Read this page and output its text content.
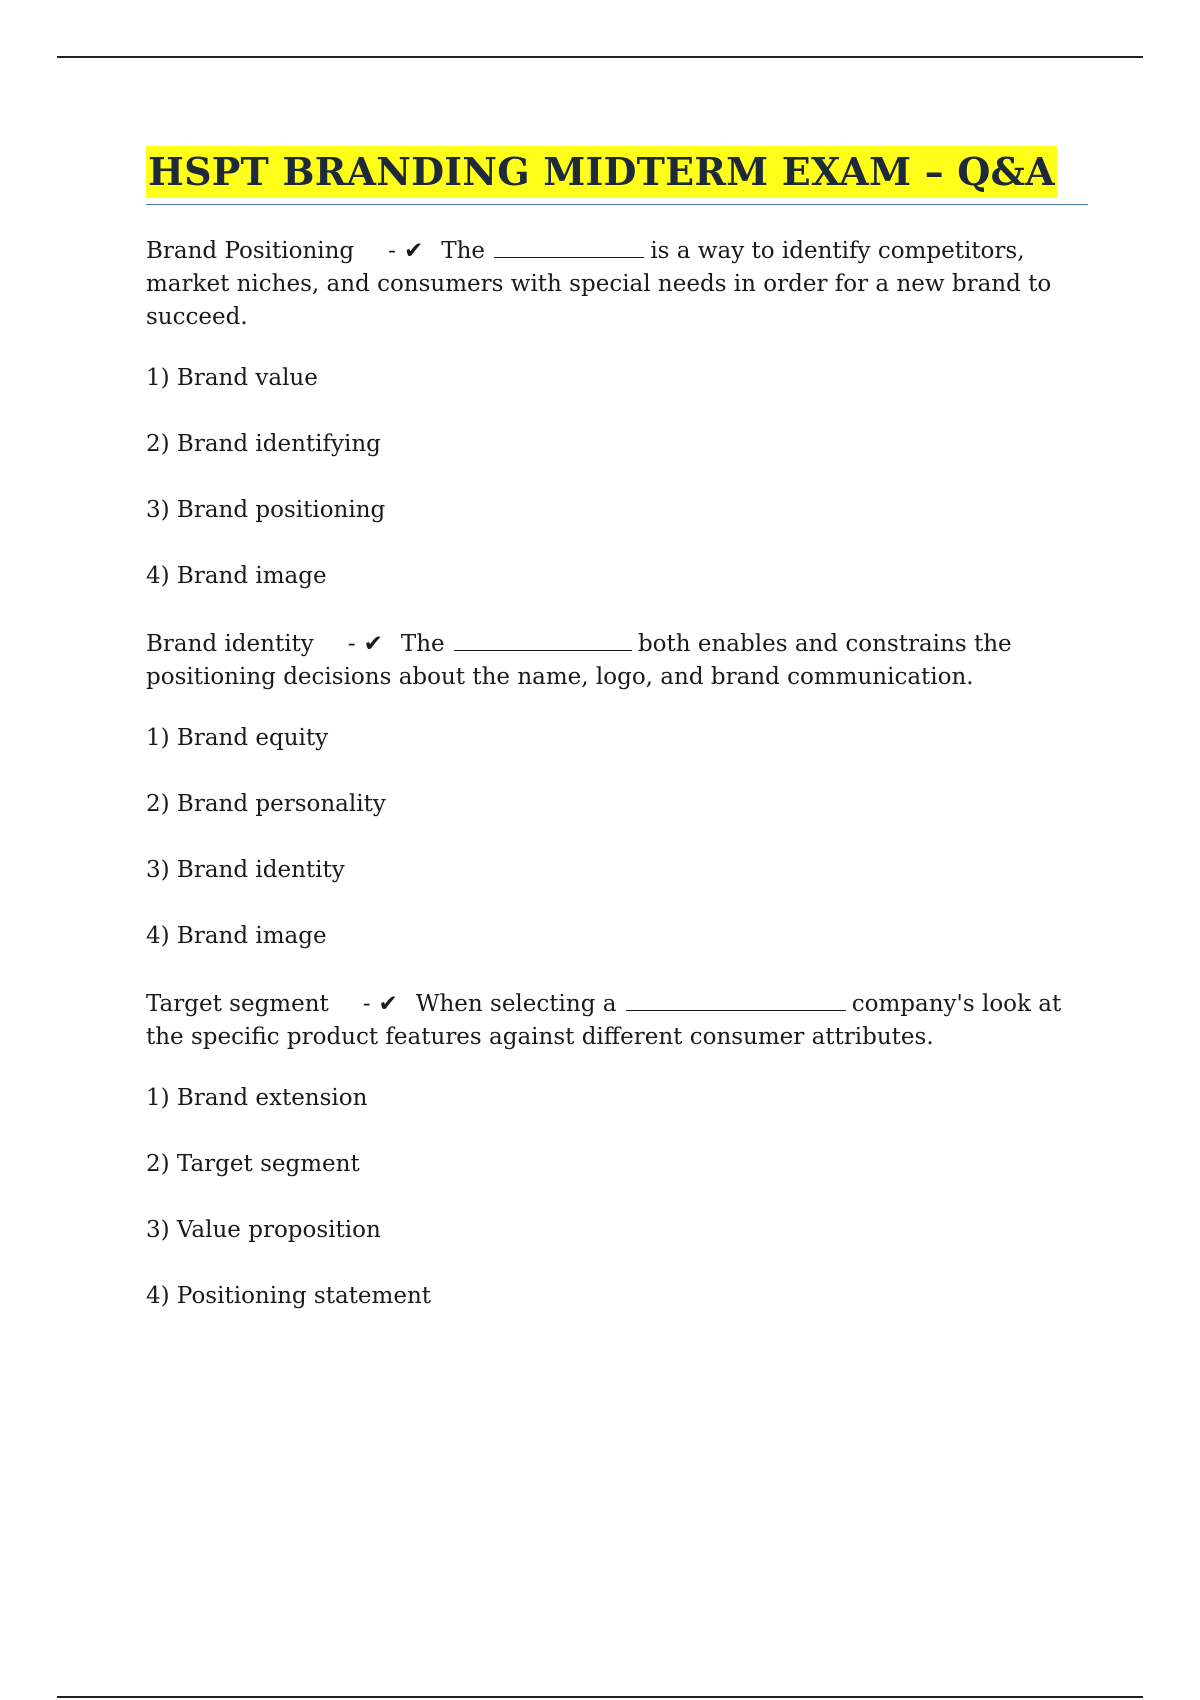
HSPT BRANDING MIDTERM EXAM – Q&A

Brand Positioning - ✔ The	is a way to identify competitors, market niches, and consumers with special needs in order for a new brand to succeed.

1) Brand value
2) Brand identifying
3) Brand positioning
4) Brand image

Brand identity - ✔ The	both enables and constrains the positioning decisions about the name, logo, and brand communication.

1) Brand equity
2) Brand personality
3) Brand identity
4) Brand image

Target segment - ✔ When selecting a	company's look at the specific product features against different consumer attributes.

1) Brand extension
2) Target segment
3) Value proposition
4) Positioning statement
